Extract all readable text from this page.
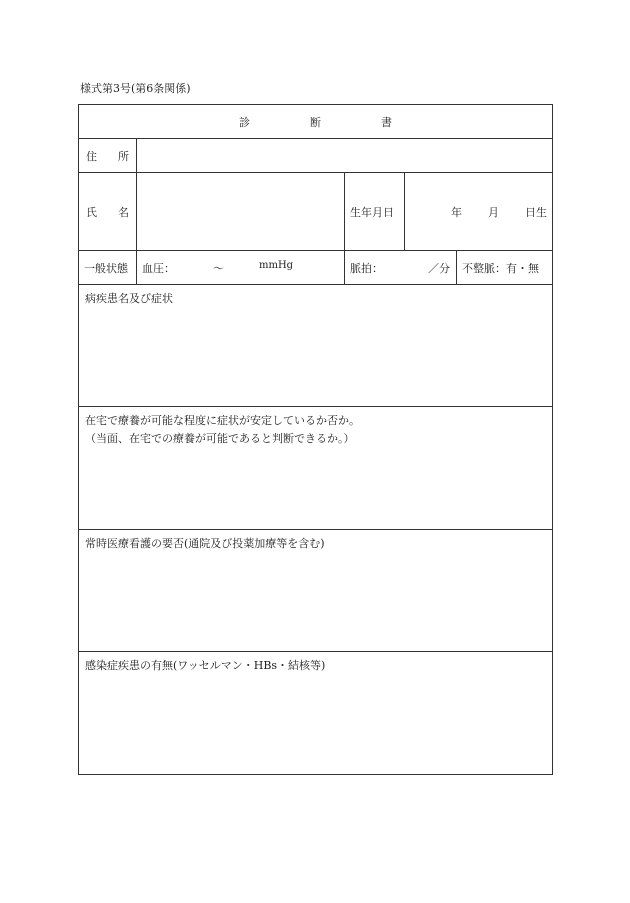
様式第3号(第6条関係)
診 断 書				
住 所				
氏 名		生年月日	年 月 日生	
一般状態	血圧： 〜 mmHg	脈拍： ／分		不整脈：有・無

病疾患名及び症状				

在宅で療養が可能な程度に症状が安定しているか否か。
（当面、在宅での療養が可能であると判断できるか。）				

常時医療看護の要否(通院及び投薬加療等を含む)				

感染症疾患の有無(ワッセルマン・HBs・結核等)				
